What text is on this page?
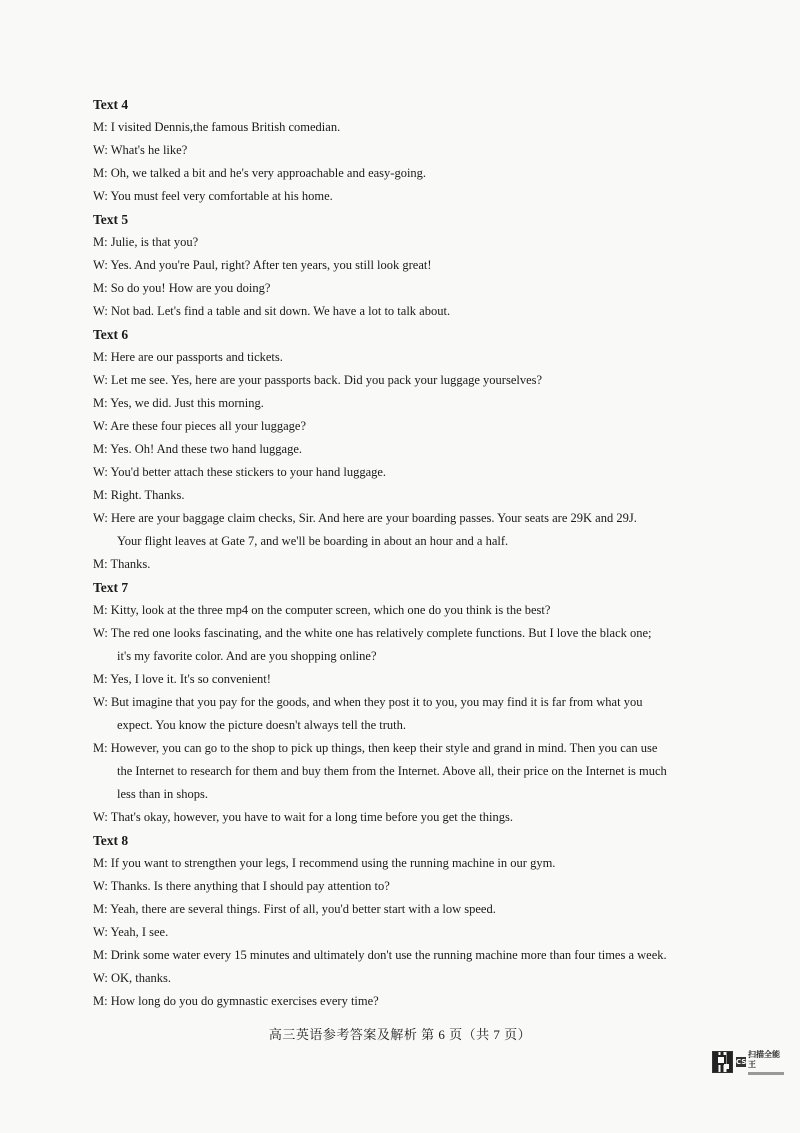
Text 4
M: I visited Dennis,the famous British comedian.
W: What's he like?
M: Oh, we talked a bit and he's very approachable and easy-going.
W: You must feel very comfortable at his home.
Text 5
M: Julie, is that you?
W: Yes. And you're Paul, right? After ten years, you still look great!
M: So do you! How are you doing?
W: Not bad. Let's find a table and sit down. We have a lot to talk about.
Text 6
M: Here are our passports and tickets.
W: Let me see. Yes, here are your passports back. Did you pack your luggage yourselves?
M: Yes, we did. Just this morning.
W: Are these four pieces all your luggage?
M: Yes. Oh! And these two hand luggage.
W: You'd better attach these stickers to your hand luggage.
M: Right. Thanks.
W: Here are your baggage claim checks, Sir. And here are your boarding passes. Your seats are 29K and 29J.
Your flight leaves at Gate 7, and we'll be boarding in about an hour and a half.
M: Thanks.
Text 7
M: Kitty, look at the three mp4 on the computer screen, which one do you think is the best?
W: The red one looks fascinating, and the white one has relatively complete functions. But I love the black one;
it's my favorite color. And are you shopping online?
M: Yes, I love it. It's so convenient!
W: But imagine that you pay for the goods, and when they post it to you, you may find it is far from what you
expect. You know the picture doesn't always tell the truth.
M: However, you can go to the shop to pick up things, then keep their style and grand in mind. Then you can use
the Internet to research for them and buy them from the Internet. Above all, their price on the Internet is much
less than in shops.
W: That's okay, however, you have to wait for a long time before you get the things.
Text 8
M: If you want to strengthen your legs, I recommend using the running machine in our gym.
W: Thanks. Is there anything that I should pay attention to?
M: Yeah, there are several things. First of all, you'd better start with a low speed.
W: Yeah, I see.
M: Drink some water every 15 minutes and ultimately don't use the running machine more than four times a week.
W: OK, thanks.
M: How long do you do gymnastic exercises every time?
高三英语参考答案及解析 第 6 页（共 7 页）
CS
扫描全能王
